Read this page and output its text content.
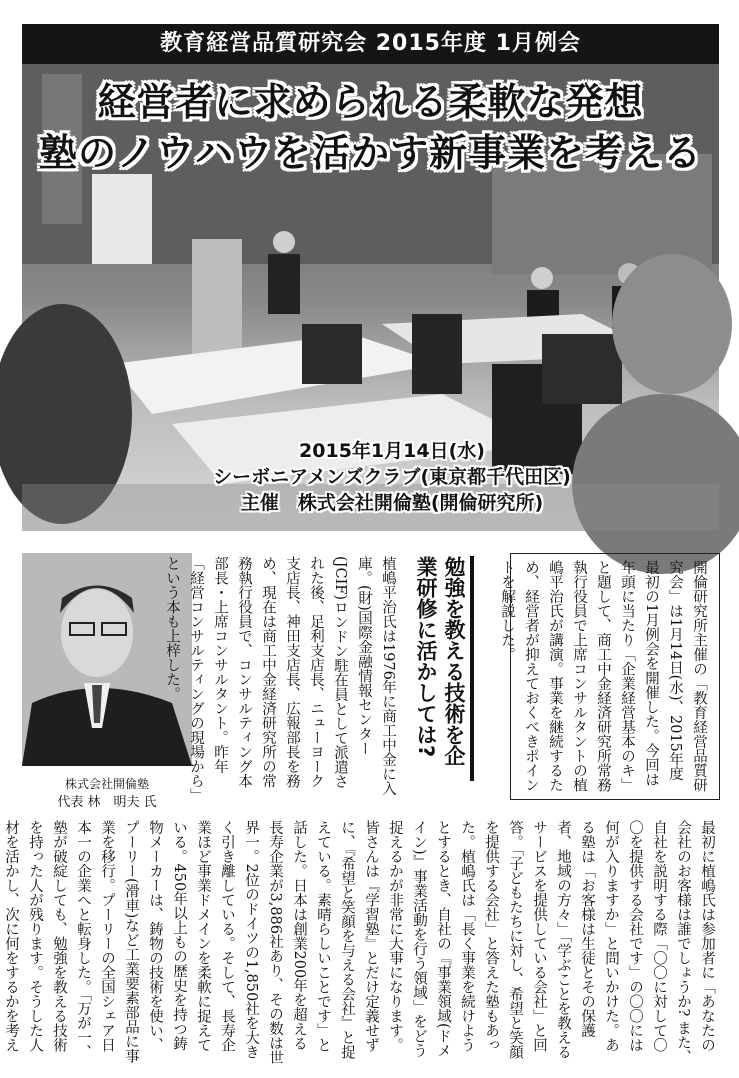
教育経営品質研究会 2015年度 1月例会
経営者に求められる柔軟な発想
塾のノウハウを活かす新事業を考える
2015年1月14日(水)
シーボニアメンズクラブ(東京都千代田区)
主催　株式会社開倫塾(開倫研究所)
株式会社開倫塾
代表 林　明夫 氏

植嶋平治氏は1976年に商工中金に入庫。(財)国際金融情報センター(JCIF)ロンドン駐在員として派遣された後、足利支店長、ニューヨーク支店長、神田支店長、広報部長を務め、現在は商工中金経済研究所の常務執行役員で、コンサルティング本部長・上席コンサルタント。昨年「経営コンサルティングの現場から」という本も上梓した。	勉強を教える技術を企業研修に活かしては?	開倫研究所主催の「教育経営品質研究会」は1月14日(水)、2015年度最初の1月例会を開催した。今回は年頭に当たり「企業経営基本のキ」と題して、商工中金経済研究所常務執行役員で上席コンサルタントの植嶋平治氏が講演。事業を継続するため、経営者が抑えておくべきポイントを解説した。

最初に植嶋氏は参加者に「あなたの会社のお客様は誰でしょうか? また、自社を説明する際「〇〇に対して〇〇を提供する会社です」の〇〇には何が入りますか」と問いかけた。ある塾は「お客様は生徒とその保護者、地域の方々」「学ぶことを教えるサービスを提供している会社」と回答。「子どもたちに対し、希望と笑顔を提供する会社」と答えた塾もあった。植嶋氏は「長く事業を続けようとするとき、自社の『事業領域(ドメイン)』事業活動を行う領域」をどう捉えるかが非常に大事になります。皆さんは『学習塾』とだけ定義せずに、『希望と笑顔を与える会社』と捉えている。素晴らしいことです」と話した。日本は創業200年を超える長寿企業が3,886社あり、その数は世界一。2位のドイツの1,850社を大きく引き離している。そして、長寿企業ほど事業ドメインを柔軟に捉えている。450年以上もの歴史を持つ鋳物メーカーは、鋳物の技術を使い、プーリー(滑車)など工業要素部品に事業を移行。プーリーの全国シェア日本一の企業へと転身した。「万が一、塾が破綻しても、勉強を教える技術を持った人が残ります。そうした人材を活かし、次に何をするかを考え
